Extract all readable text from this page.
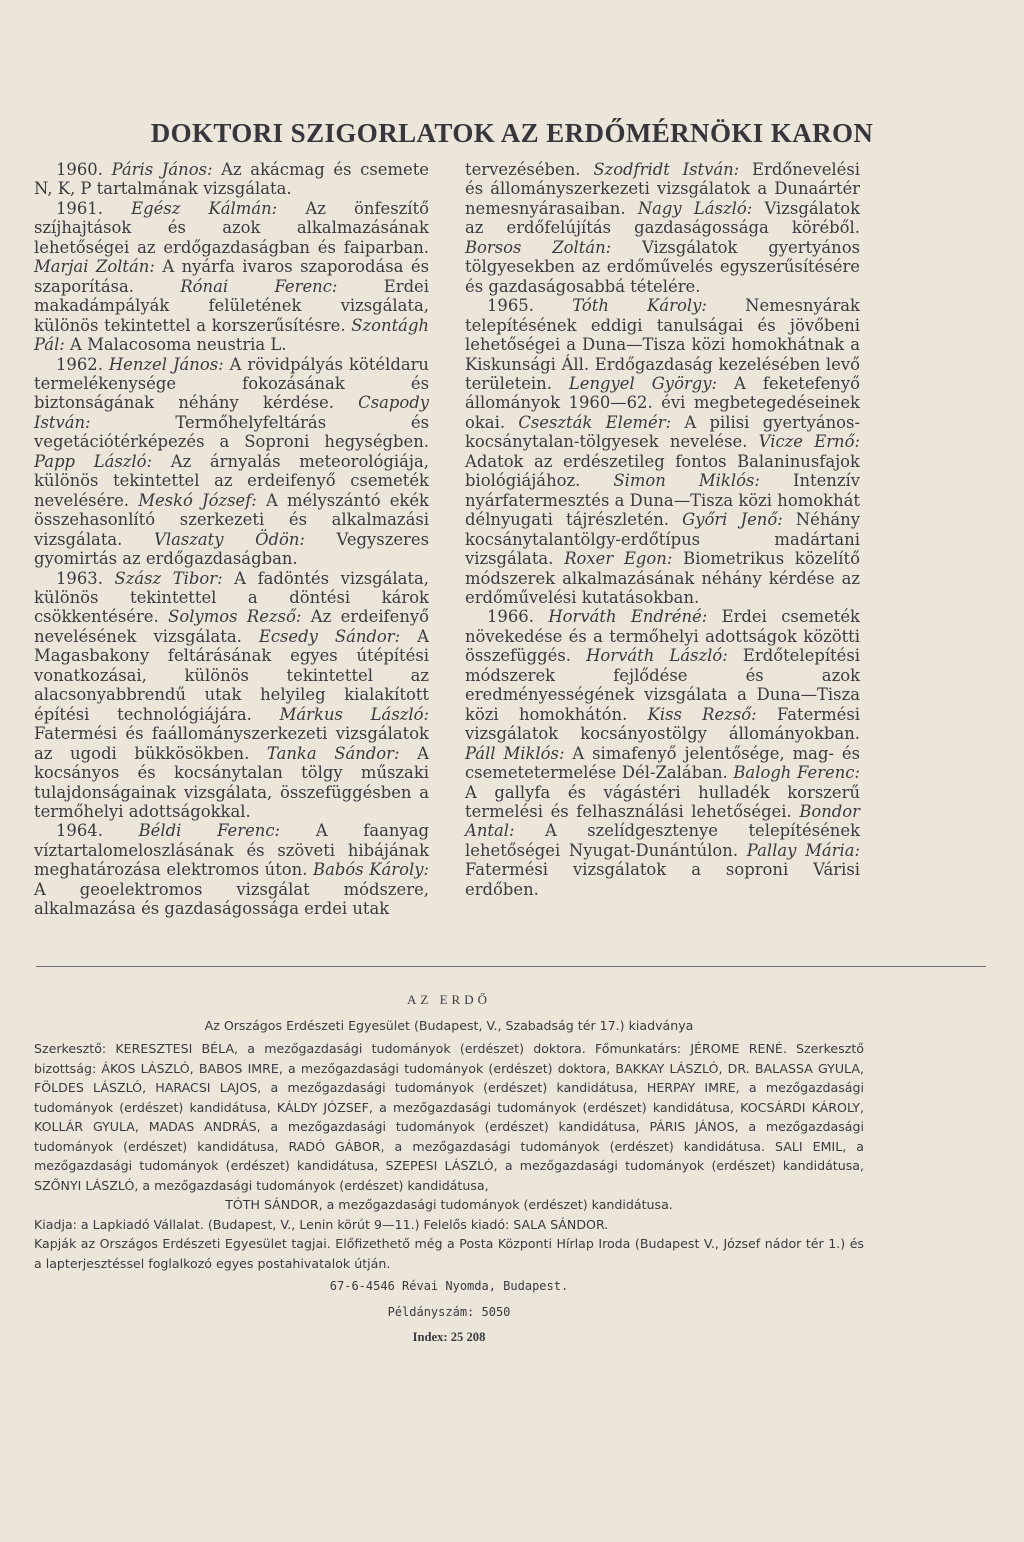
DOKTORI SZIGORLATOK AZ ERDŐMÉRNÖKI KARON

1960. Páris János: Az akácmag és csemete N, K, P tartalmának vizsgálata.

1961. Egész Kálmán: Az önfeszítő szíjhajtások és azok alkalmazásának lehetőségei az erdőgazdaságban és faiparban. Marjai Zoltán: A nyárfa ivaros szaporodása és szaporítása. Rónai Ferenc: Erdei makadámpályák felületének vizsgálata, különös tekintettel a korszerűsítésre. Szontágh Pál: A Malacosoma neustria L.

1962. Henzel János: A rövidpályás kötéldaru termelékenysége fokozásának és biztonságának néhány kérdése. Csapody István: Termőhelyfeltárás és vegetációtérképezés a Soproni hegységben. Papp László: Az árnyalás meteorológiája, különös tekintettel az erdeifenyő csemeték nevelésére. Meskó József: A mélyszántó ekék összehasonlító szerkezeti és alkalmazási vizsgálata. Vlaszaty Ödön: Vegyszeres gyomirtás az erdőgazdaságban.

1963. Szász Tibor: A fadöntés vizsgálata, különös tekintettel a döntési károk csökkentésére. Solymos Rezső: Az erdeifenyő nevelésének vizsgálata. Ecsedy Sándor: A Magasbakony feltárásának egyes útépítési vonatkozásai, különös tekintettel az alacsonyabbrendű utak helyileg kialakított építési technológiájára. Márkus László: Fatermési és faállományszerkezeti vizsgálatok az ugodi bükkösökben. Tanka Sándor: A kocsányos és kocsánytalan tölgy műszaki tulajdonságainak vizsgálata, összefüggésben a termőhelyi adottságokkal.

1964. Béldi Ferenc: A faanyag víztartalomeloszlásának és szöveti hibájának meghatározása elektromos úton. Babós Károly: A geoelektromos vizsgálat módszere, alkalmazása és gazdaságossága erdei utak

tervezésében. Szodfridt István: Erdőnevelési és állományszerkezeti vizsgálatok a Dunaártér nemesnyárasaiban. Nagy László: Vizsgálatok az erdőfelújítás gazdaságossága köréből. Borsos Zoltán: Vizsgálatok gyertyános tölgyesekben az erdőművelés egyszerűsítésére és gazdaságosabbá tételére.

1965. Tóth Károly: Nemesnyárak telepítésének eddigi tanulságai és jövőbeni lehetőségei a Duna—Tisza közi homokhátnak a Kiskunsági Áll. Erdőgazdaság kezelésében levő területein. Lengyel György: A feketefenyő állományok 1960—62. évi megbetegedéseinek okai. Cseszták Elemér: A pilisi gyertyános-kocsánytalan-tölgyesek nevelése. Vicze Ernő: Adatok az erdészetileg fontos Balaninusfajok biológiájához. Simon Miklós: Intenzív nyárfatermesztés a Duna—Tisza közi homokhát délnyugati tájrészletén. Győri Jenő: Néhány kocsánytalantölgy-erdőtípus madártani vizsgálata. Roxer Egon: Biometrikus közelítő módszerek alkalmazásának néhány kérdése az erdőművelési kutatásokban.

1966. Horváth Endréné: Erdei csemeték növekedése és a termőhelyi adottságok közötti összefüggés. Horváth László: Erdőtelepítési módszerek fejlődése és azok eredményességének vizsgálata a Duna—Tisza közi homokhátón. Kiss Rezső: Fatermési vizsgálatok kocsányostölgy állományokban. Páll Miklós: A simafenyő jelentősége, mag- és csemetetermelése Dél-Zalában. Balogh Ferenc: A gallyfa és vágástéri hulladék korszerű termelési és felhasználási lehetőségei. Bondor Antal: A szelídgesztenye telepítésének lehetőségei Nyugat-Dunántúlon. Pallay Mária: Fatermési vizsgálatok a soproni Várisi erdőben.

AZ ERDŐ
Az Országos Erdészeti Egyesület (Budapest, V., Szabadság tér 17.) kiadványa
Szerkesztő: KERESZTESI BÉLA, a mezőgazdasági tudományok (erdészet) doktora. Főmunkatárs: JÉROME RENÉ. Szerkesztő bizottság: ÁKOS LÁSZLÓ, BABOS IMRE, a mezőgazdasági tudományok (erdészet) doktora, BAKKAY LÁSZLÓ, DR. BALASSA GYULA, FÖLDES LÁSZLÓ, HARACSI LAJOS, a mezőgazdasági tudományok (erdészet) kandidátusa, HERPAY IMRE, a mezőgazdasági tudományok (erdészet) kandidátusa, KÁLDY JÓZSEF, a mezőgazdasági tudományok (erdészet) kandidátusa, KOCSÁRDI KÁROLY, KOLLÁR GYULA, MADAS ANDRÁS, a mezőgazdasági tudományok (erdészet) kandidátusa, PÁRIS JÁNOS, a mezőgazdasági tudományok (erdészet) kandidátusa, RADÓ GÁBOR, a mezőgazdasági tudományok (erdészet) kandidátusa. SALI EMIL, a mezőgazdasági tudományok (erdészet) kandidátusa, SZEPESI LÁSZLÓ, a mezőgazdasági tudományok (erdészet) kandidátusa, SZŐNYI LÁSZLÓ, a mezőgazdasági tudományok (erdészet) kandidátusa,
TÓTH SÁNDOR, a mezőgazdasági tudományok (erdészet) kandidátusa.
Kiadja: a Lapkiadó Vállalat. (Budapest, V., Lenin körút 9—11.) Felelős kiadó: SALA SÁNDOR.
Kapják az Országos Erdészeti Egyesület tagjai. Előfizethető még a Posta Központi Hírlap Iroda (Budapest V., József nádor tér 1.) és a lapterjesztéssel foglalkozó egyes postahivatalok útján.
67-6-4546 Révai Nyomda, Budapest.
Példányszám: 5050
Index: 25 208
